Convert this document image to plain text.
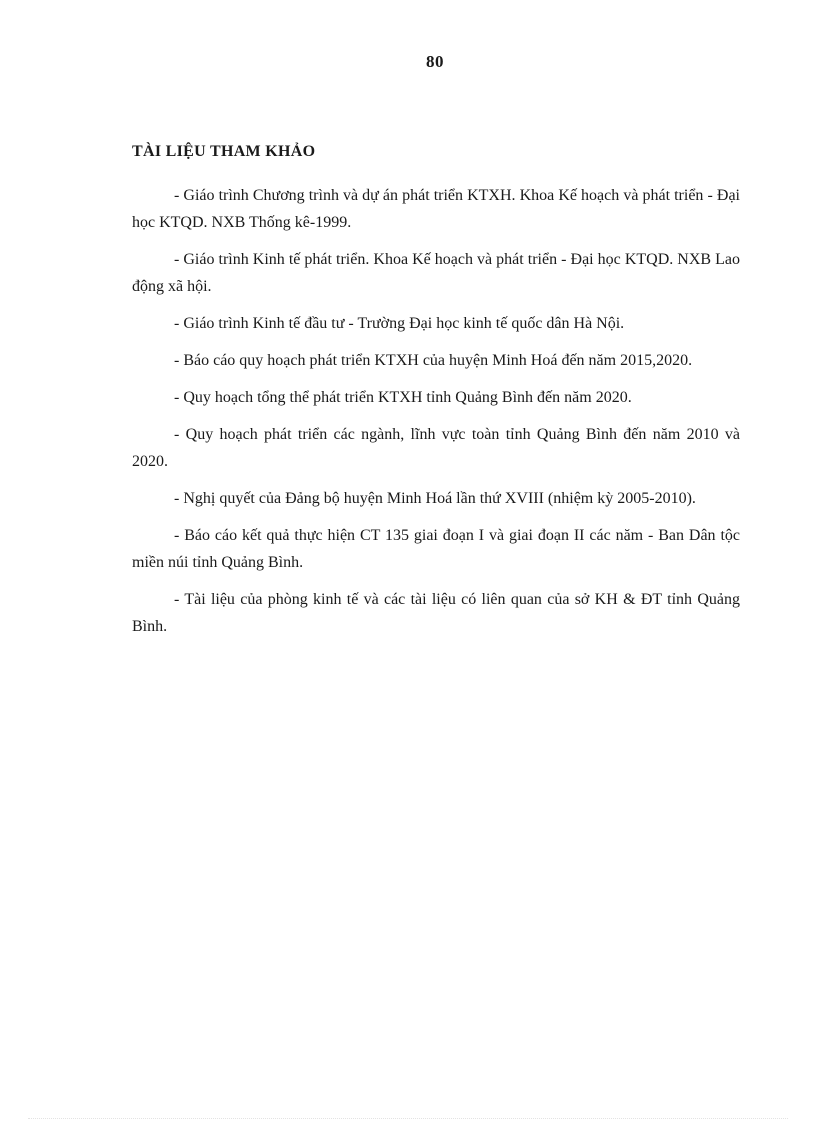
80
TÀI LIỆU THAM KHẢO

- Giáo trình Chương trình và dự án phát triển KTXH. Khoa Kế hoạch và phát triển - Đại học KTQD. NXB Thống kê-1999.

- Giáo trình Kinh tế phát triển. Khoa Kế hoạch và phát triển - Đại học KTQD. NXB Lao động xã hội.

- Giáo trình Kinh tế đầu tư - Trường Đại học kinh tế quốc dân Hà Nội.

- Báo cáo quy hoạch phát triển KTXH của huyện Minh Hoá đến năm 2015,2020.

- Quy hoạch tổng thể phát triển KTXH tỉnh Quảng Bình đến năm 2020.

- Quy hoạch phát triển các ngành, lĩnh vực toàn tỉnh Quảng Bình đến năm 2010 và 2020.

- Nghị quyết của Đảng bộ huyện Minh Hoá lần thứ XVIII (nhiệm kỳ 2005-2010).

- Báo cáo kết quả thực hiện CT 135 giai đoạn I và giai đoạn II các năm - Ban Dân tộc miền núi tỉnh Quảng Bình.

- Tài liệu của phòng kinh tế và các tài liệu có liên quan của sở KH & ĐT tỉnh Quảng Bình.
